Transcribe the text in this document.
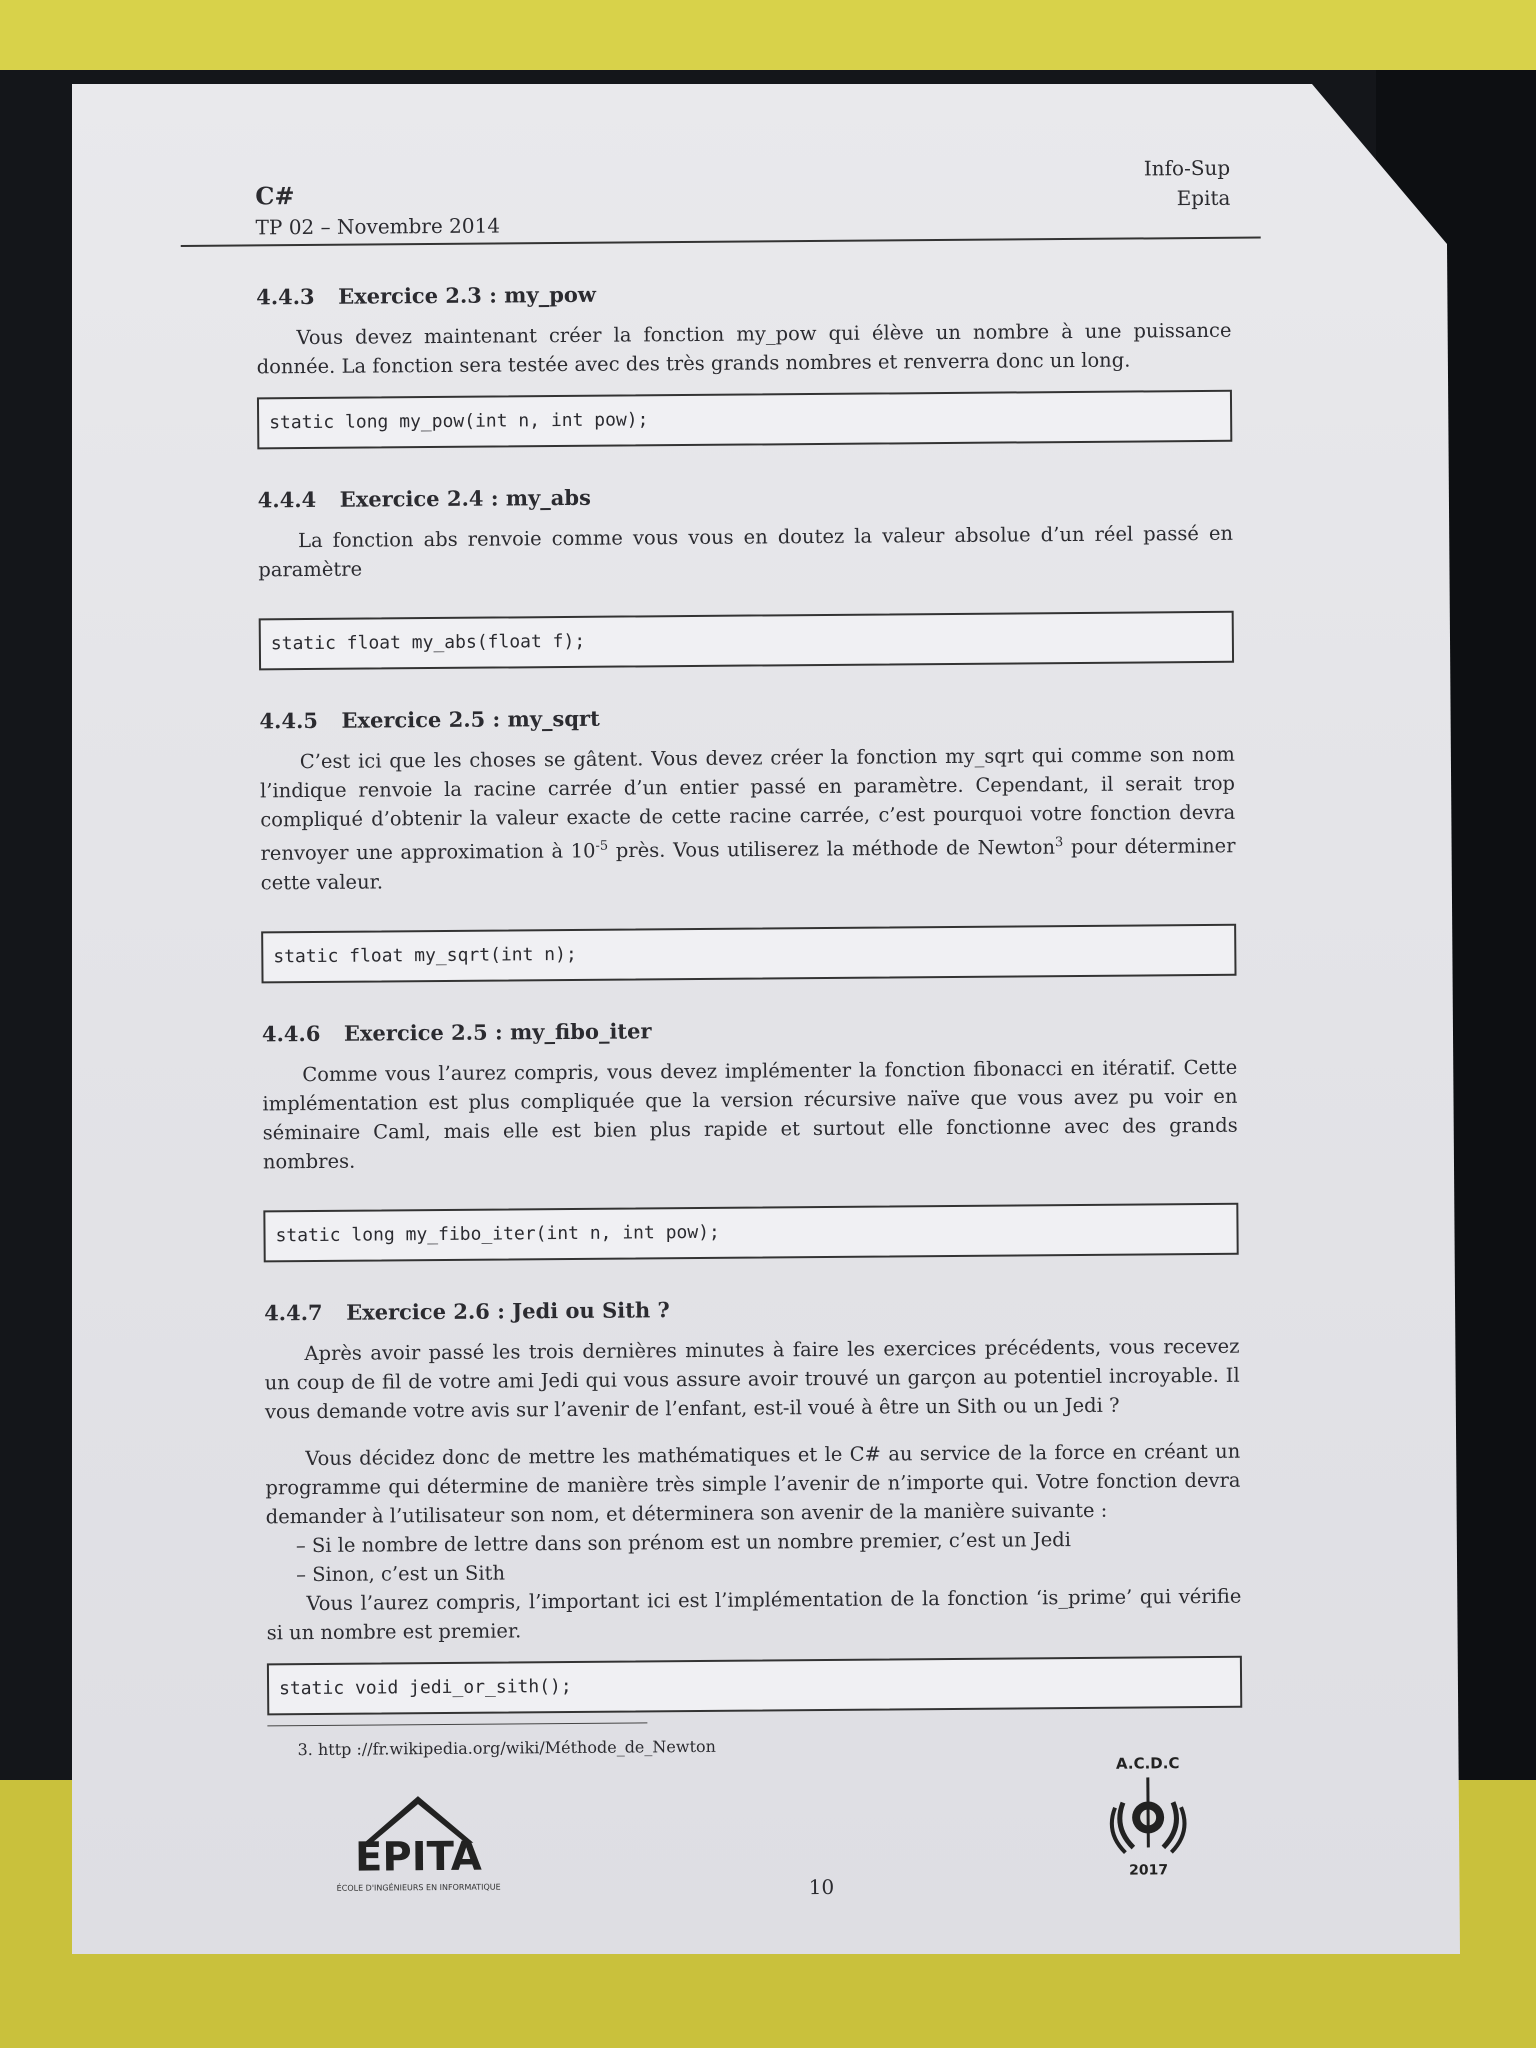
C#
TP 02 – Novembre 2014
Info-Sup
Epita
4.4.3 Exercice 2.3 : my_pow

Vous devez maintenant créer la fonction my_pow qui élève un nombre à une puissance donnée. La fonction sera testée avec des très grands nombres et renverra donc un long.

static long my_pow(int n, int pow);
4.4.4 Exercice 2.4 : my_abs

La fonction abs renvoie comme vous vous en doutez la valeur absolue d’un réel passé en paramètre

static float my_abs(float f);
4.4.5 Exercice 2.5 : my_sqrt

C’est ici que les choses se gâtent. Vous devez créer la fonction my_sqrt qui comme son nom l’indique renvoie la racine carrée d’un entier passé en paramètre. Cependant, il serait trop compliqué d’obtenir la valeur exacte de cette racine carrée, c’est pourquoi votre fonction devra renvoyer une approximation à $10^{-5}$ près. Vous utiliserez la méthode de Newton$^3$ pour déterminer cette valeur.

static float my_sqrt(int n);
4.4.6 Exercice 2.5 : my_fibo_iter

Comme vous l’aurez compris, vous devez implémenter la fonction fibonacci en itératif. Cette implémentation est plus compliquée que la version récursive naïve que vous avez pu voir en séminaire Caml, mais elle est bien plus rapide et surtout elle fonctionne avec des grands nombres.

static long my_fibo_iter(int n, int pow);
4.4.7 Exercice 2.6 : Jedi ou Sith ?

Après avoir passé les trois dernières minutes à faire les exercices précédents, vous recevez un coup de fil de votre ami Jedi qui vous assure avoir trouvé un garçon au potentiel incroyable. Il vous demande votre avis sur l’avenir de l’enfant, est-il voué à être un Sith ou un Jedi ?

Vous décidez donc de mettre les mathématiques et le C# au service de la force en créant un programme qui détermine de manière très simple l’avenir de n’importe qui. Votre fonction devra demander à l’utilisateur son nom, et déterminera son avenir de la manière suivante :

– Si le nombre de lettre dans son prénom est un nombre premier, c’est un Jedi
– Sinon, c’est un Sith

Vous l’aurez compris, l’important ici est l’implémentation de la fonction ‘is_prime’ qui vérifie si un nombre est premier.

static void jedi_or_sith();
3. http ://fr.wikipedia.org/wiki/Méthode_de_Newton
EPITA
ÉCOLE D'INGÉNIEURS EN INFORMATIQUE	10
A.C.D.C
2017
